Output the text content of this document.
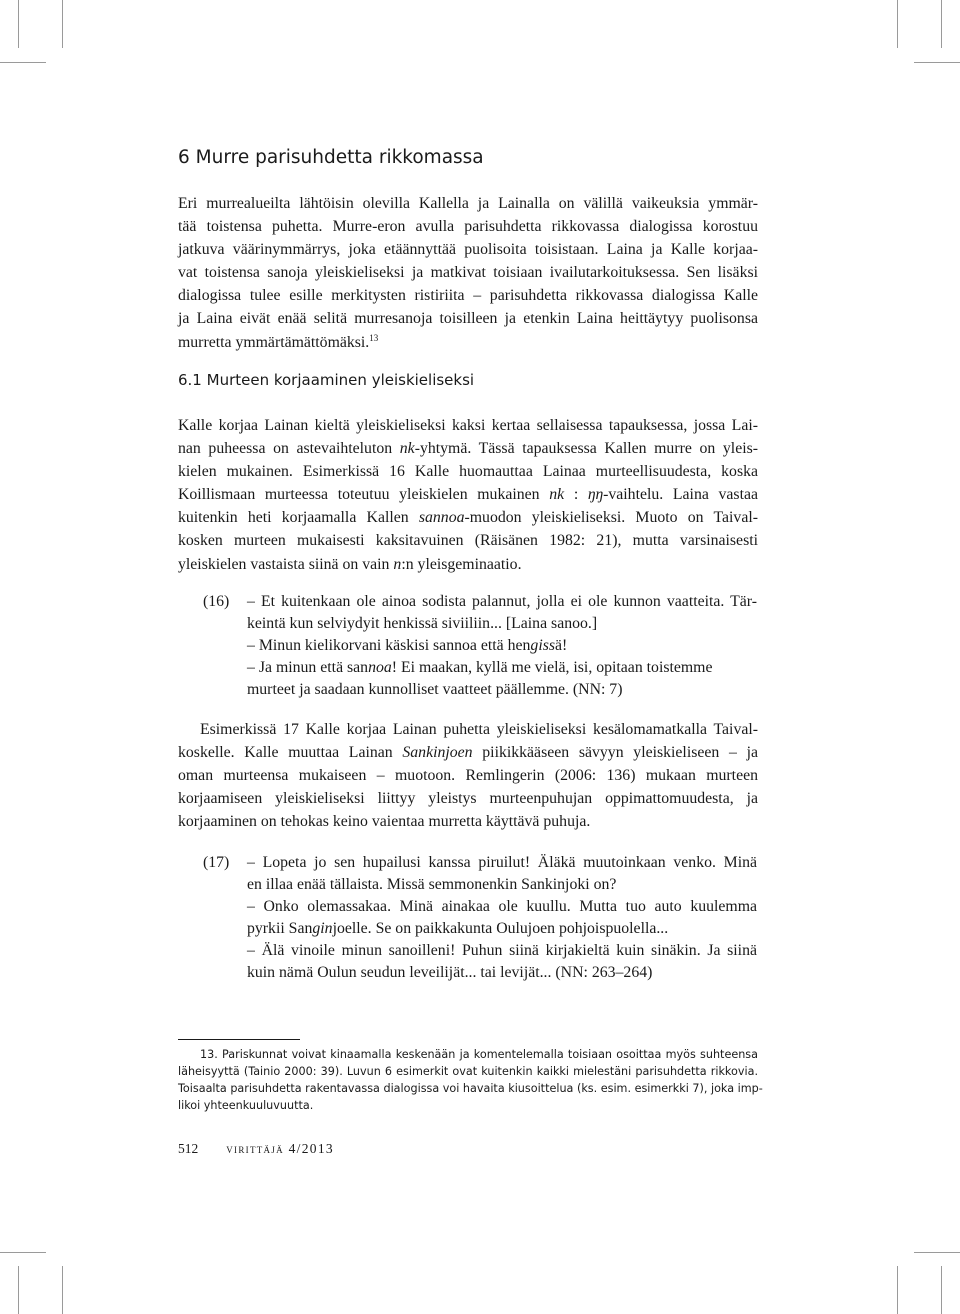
6 Murre parisuhdetta rikkomassa
Eri murrealueilta lähtöisin olevilla Kallella ja Lainalla on välillä vaikeuksia ymmär-
tää toistensa puhetta. Murre-eron avulla parisuhdetta rikkovassa dialogissa korostuu
jatkuva väärinymmärrys, joka etäännyttää puolisoita toisistaan. Laina ja Kalle korjaa-
vat toistensa sanoja yleiskieliseksi ja matkivat toisiaan ivailutarkoituksessa. Sen lisäksi
dialogissa tulee esille merkitysten ristiriita – parisuhdetta rikkovassa dialogissa Kalle
ja Laina eivät enää selitä murresanoja toisilleen ja etenkin Laina heittäytyy puolisonsa
murretta ymmärtämättömäksi.$^{13}$
6.1 Murteen korjaaminen yleiskieliseksi
Kalle korjaa Lainan kieltä yleiskieliseksi kaksi kertaa sellaisessa tapauksessa, jossa Lai-
nan puheessa on astevaihteluton nk-yhtymä. Tässä tapauksessa Kallen murre on yleis-
kielen mukainen. Esimerkissä 16 Kalle huomauttaa Lainaa murteellisuudesta, koska
Koillismaan murteessa toteutuu yleiskielen mukainen nk : ŋŋ-vaihtelu. Laina vastaa
kuitenkin heti korjaamalla Kallen sannoa-muodon yleiskieliseksi. Muoto on Taival-
kosken murteen mukaisesti kaksitavuinen (Räisänen 1982: 21), mutta varsinaisesti
yleiskielen vastaista siinä on vain n:n yleisgeminaatio.
(16) – Et kuitenkaan ole ainoa sodista palannut, jolla ei ole kunnon vaatteita. Tär-
keintä kun selviydyit henkissä siviiliin... [Laina sanoo.]
– Minun kielikorvani käskisi sannoa että hengissä!
– Ja minun että sannoa! Ei maakan, kyllä me vielä, isi, opitaan toistemme
murteet ja saadaan kunnolliset vaatteet päällemme. (NN: 7)
Esimerkissä 17 Kalle korjaa Lainan puhetta yleiskieliseksi kesälomamatkalla Taival-
koskelle. Kalle muuttaa Lainan Sankinjoen piikikkääseen sävyyn yleiskieliseen – ja
oman murteensa mukaiseen – muotoon. Remlingerin (2006: 136) mukaan murteen
korjaamiseen yleiskieliseksi liittyy yleistys murteenpuhujan oppimattomuudesta, ja
korjaaminen on tehokas keino vaientaa murretta käyttävä puhuja.
(17) – Lopeta jo sen hupailusi kanssa piruilut! Äläkä muutoinkaan venko. Minä
en illaa enää tällaista. Missä semmonenkin Sankinjoki on?
– Onko olemassakaa. Minä ainakaa ole kuullu. Mutta tuo auto kuulemma
pyrkii Sanginjoelle. Se on paikkakunta Oulujoen pohjoispuolella...
– Älä vinoile minun sanoilleni! Puhun siinä kirjakieltä kuin sinäkin. Ja siinä
kuin nämä Oulun seudun leveilijät... tai levijät... (NN: 263–264)
13. Pariskunnat voivat kinaamalla keskenään ja komentelemalla toisiaan osoittaa myös suhteensa
läheisyyttä (Tainio 2000: 39). Luvun 6 esimerkit ovat kuitenkin kaikki mielestäni parisuhdetta rikkovia.
Toisaalta parisuhdetta rakentavassa dialogissa voi havaita kiusoittelua (ks. esim. esimerkki 7), joka imp-
likoi yhteenkuuluvuutta.
512 virittäjä 4/2013
